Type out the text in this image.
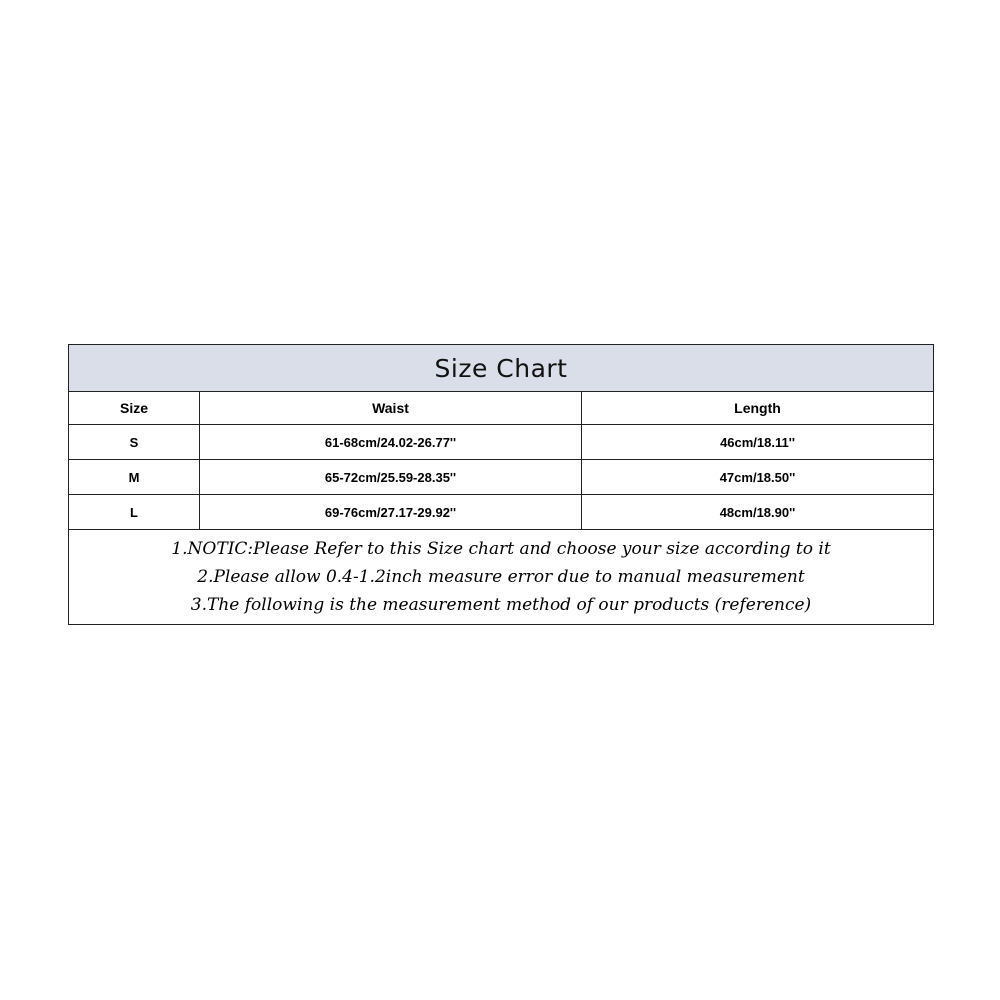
Size Chart		
Size	Waist	Length
S	61-68cm/24.02-26.77''	46cm/18.11''
M	65-72cm/25.59-28.35''	47cm/18.50''
L	69-76cm/27.17-29.92''	48cm/18.90''

1.NOTIC:Please Refer to this Size chart and choose your size according to it
2.Please allow 0.4-1.2inch measure error due to manual measurement
3.The following is the measurement method of our products (reference)		
